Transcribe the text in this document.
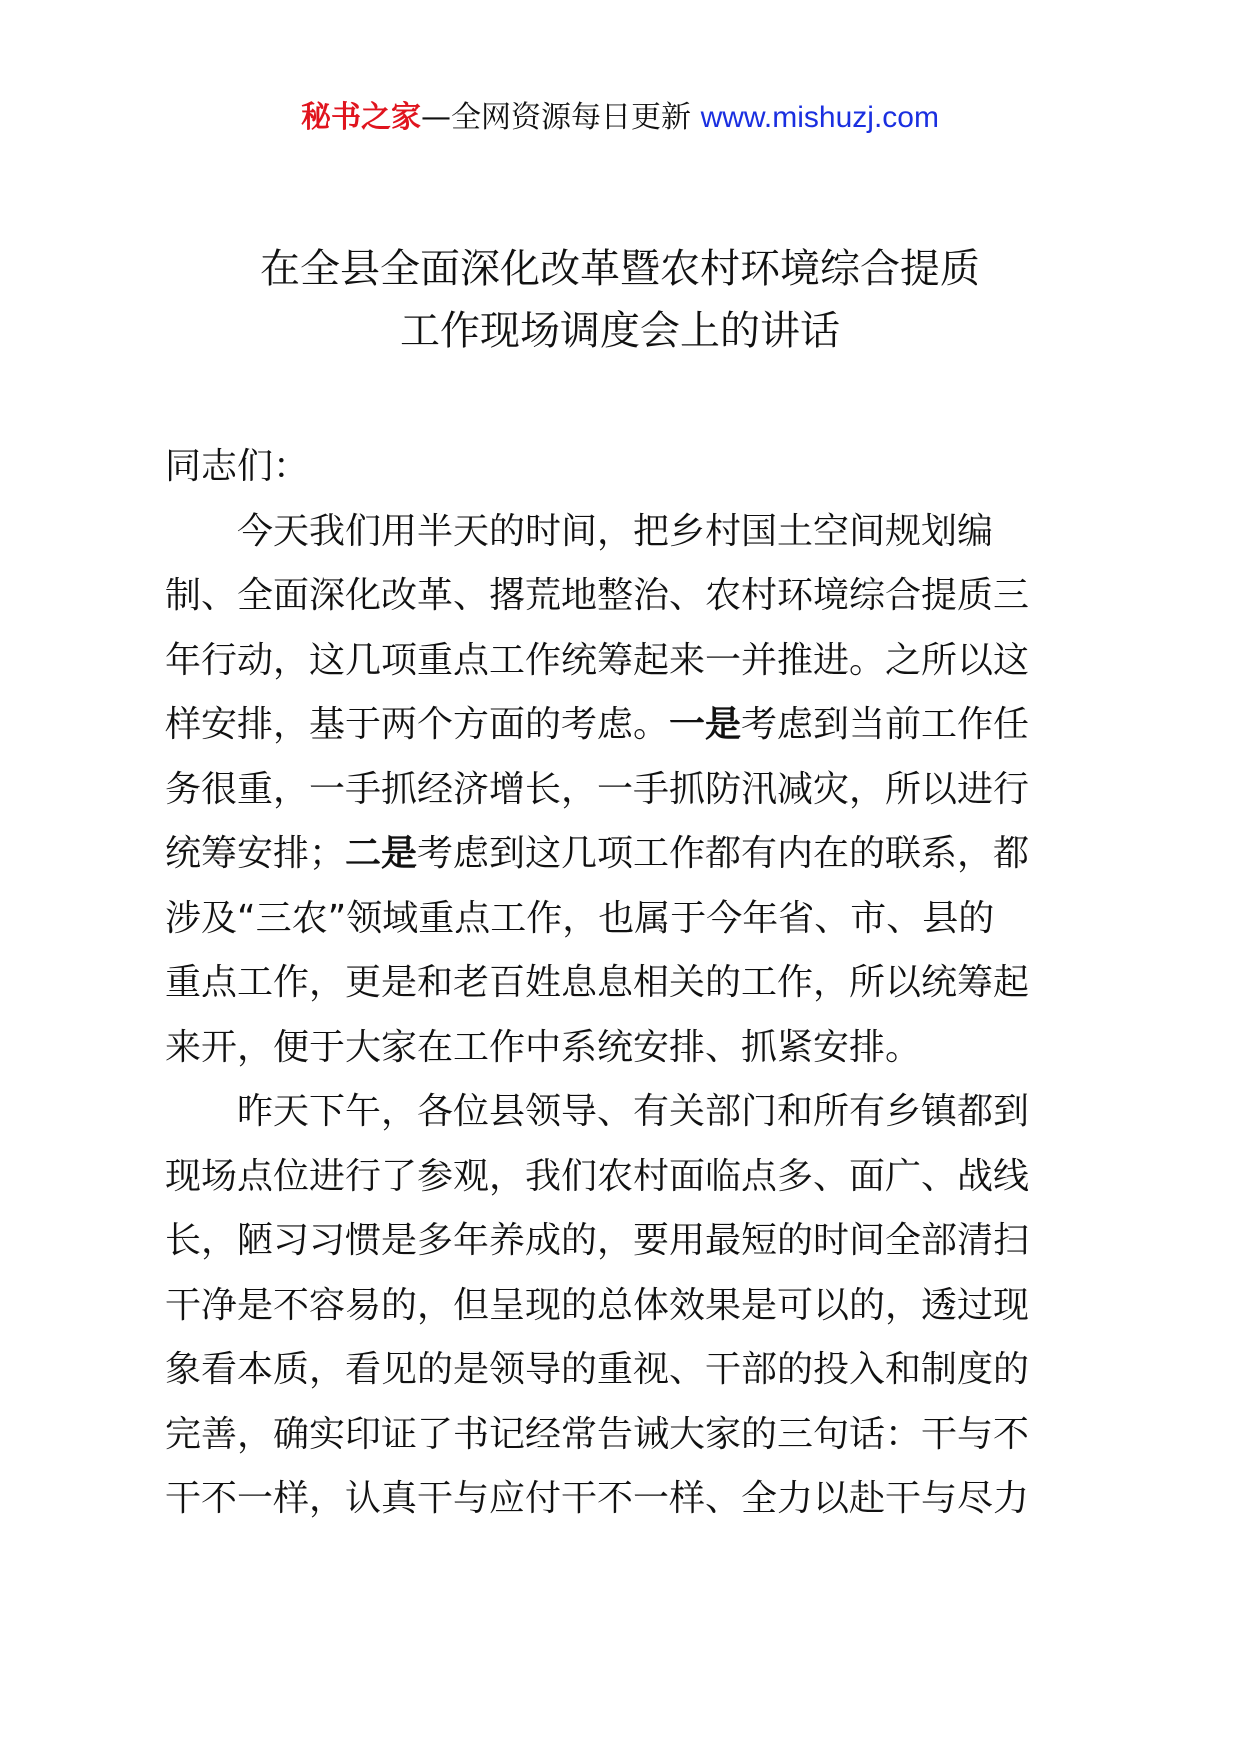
秘书之家—全网资源每日更新 www.mishuzj.com
在全县全面深化改革暨农村环境综合提质
工作现场调度会上的讲话

同志们：

今天我们用半天的时间，把乡村国土空间规划编
制、全面深化改革、撂荒地整治、农村环境综合提质三
年行动，这几项重点工作统筹起来一并推进。之所以这
样安排，基于两个方面的考虑。一是考虑到当前工作任
务很重，一手抓经济增长，一手抓防汛减灾，所以进行
统筹安排；二是考虑到这几项工作都有内在的联系，都
涉及“三农”领域重点工作，也属于今年省、市、县的
重点工作，更是和老百姓息息相关的工作，所以统筹起
来开，便于大家在工作中系统安排、抓紧安排。
昨天下午，各位县领导、有关部门和所有乡镇都到
现场点位进行了参观，我们农村面临点多、面广、战线
长，陋习习惯是多年养成的，要用最短的时间全部清扫
干净是不容易的，但呈现的总体效果是可以的，透过现
象看本质，看见的是领导的重视、干部的投入和制度的
完善，确实印证了书记经常告诫大家的三句话：干与不
干不一样，认真干与应付干不一样、全力以赴干与尽力
